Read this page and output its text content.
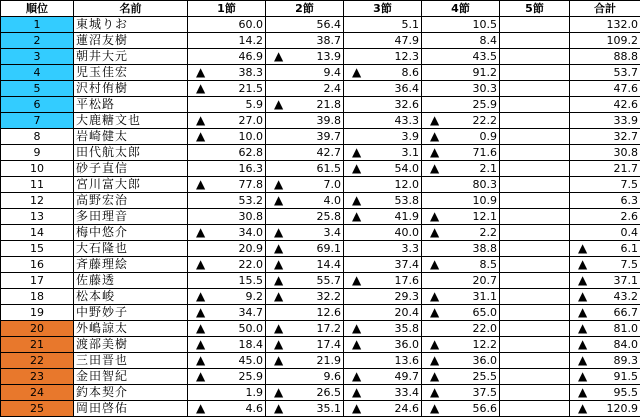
順位	名前	1節	2節	3節	4節	5節	合計
1	東城りお	60.0	56.4	5.1	10.5		132.0
2	蓮沼友樹	14.2	38.7	47.9	8.4		109.2
3	朝井大元	46.9	▲ 13.9	12.3	43.5		88.8
4	児玉佳宏	▲ 38.3	9.4	▲ 8.6	91.2		53.7
5	沢村侑樹	▲ 21.5	2.4	36.4	30.3		47.6
6	平松路	5.9	▲ 21.8	32.6	25.9		42.6
7	大鹿糖文也	▲ 27.0	39.8	43.3	▲ 22.2		33.9
8	岩崎健太	▲ 10.0	39.7	3.9	▲ 0.9		32.7
9	田代航太郎	62.8	42.7	▲ 3.1	▲ 71.6		30.8
10	砂子直信	16.3	61.5	▲ 54.0	▲ 2.1		21.7
11	宮川富大郎	▲ 77.8	▲ 7.0	12.0	80.3		7.5
12	高野宏治	53.2	▲ 4.0	▲ 53.8	10.9		6.3
13	多田理音	30.8	25.8	▲ 41.9	▲ 12.1		2.6
14	梅中悠介	▲ 34.0	▲ 3.4	40.0	▲ 2.2		0.4
15	大石隆也	20.9	▲ 69.1	3.3	38.8		▲ 6.1
16	斉藤理絵	▲ 22.0	▲ 14.4	37.4	▲ 8.5		▲ 7.5
17	佐藤透	15.5	▲ 55.7	▲ 17.6	20.7		▲ 37.1
18	松本峻	▲ 9.2	▲ 32.2	29.3	▲ 31.1		▲ 43.2
19	中野妙子	▲ 34.7	12.6	20.4	▲ 65.0		▲ 66.7
20	外嶋諒太	▲ 50.0	▲ 17.2	▲ 35.8	22.0		▲ 81.0
21	渡部美樹	▲ 18.4	▲ 17.4	▲ 36.0	▲ 12.2		▲ 84.0
22	三田晋也	▲ 45.0	▲ 21.9	13.6	▲ 36.0		▲ 89.3
23	金田智紀	▲ 25.9	9.6	▲ 49.7	▲ 25.5		▲ 91.5
24	釣本契介	1.9	▲ 26.5	▲ 33.4	▲ 37.5		▲ 95.5
25	岡田啓佑	▲ 4.6	▲ 35.1	▲ 24.6	▲ 56.6		▲ 120.9
